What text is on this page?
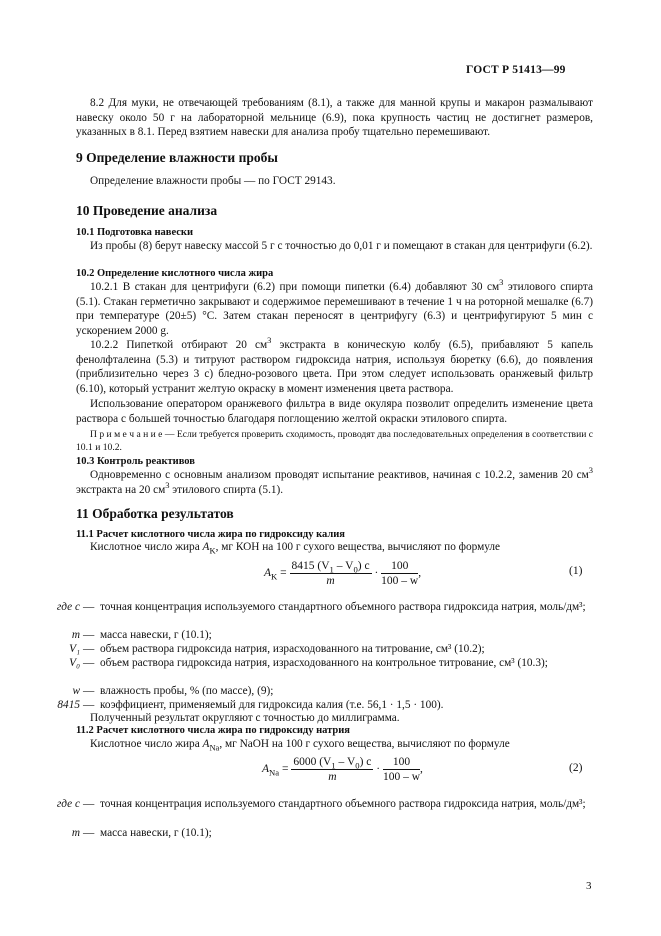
ГОСТ Р 51413—99
8.2 Для муки, не отвечающей требованиям (8.1), а также для манной крупы и макарон размалывают навеску около 50 г на лабораторной мельнице (6.9), пока крупность частиц не достигнет размеров, указанных в 8.1. Перед взятием навески для анализа пробу тщательно перемешивают.
9 Определение влажности пробы
Определение влажности пробы — по ГОСТ 29143.
10 Проведение анализа
10.1 Подготовка навески
Из пробы (8) берут навеску массой 5 г с точностью до 0,01 г и помещают в стакан для центрифуги (6.2).
10.2 Определение кислотного числа жира
10.2.1 В стакан для центрифуги (6.2) при помощи пипетки (6.4) добавляют 30 $см^3$ этилового спирта (5.1). Стакан герметично закрывают и содержимое перемешивают в течение 1 ч на роторной мешалке (6.7) при температуре (20±5) °С. Затем стакан переносят в центрифугу (6.3) и центрифугируют 5 мин с ускорением 2000 g.
10.2.2 Пипеткой отбирают 20 $см^3$ экстракта в коническую колбу (6.5), прибавляют 5 капель фенолфталеина (5.3) и титруют раствором гидроксида натрия, используя бюретку (6.6), до появления (приблизительно через 3 с) бледно-розового цвета. При этом следует использовать оранжевый фильтр (6.10), который устранит желтую окраску в момент изменения цвета раствора.
Использование оператором оранжевого фильтра в виде окуляра позволит определить изменение цвета раствора с большей точностью благодаря поглощению желтой окраски этилового спирта.
П р и м е ч а н и е — Если требуется проверить сходимость, проводят два последовательных определения в соответствии с 10.1 и 10.2.
10.3 Контроль реактивов
Одновременно с основным анализом проводят испытание реактивов, начиная с 10.2.2, заменив 20 $см^3$ экстракта на 20 $см^3$ этилового спирта (5.1).
11 Обработка результатов
11.1 Расчет кислотного числа жира по гидроксиду калия
Кислотное число жира $A_K$, мг КОН на 100 г сухого вещества, вычисляют по формуле
$A_K = \frac{8415 (V_1 - V_0) c}{m} \cdot \frac{100}{100 - w}$ ,	(1)
где c — точная концентрация используемого стандартного объемного раствора гидроксида натрия, моль/дм³;
m — масса навески, г (10.1);
V₁ — объем раствора гидроксида натрия, израсходованного на титрование, см³ (10.2);
V₀ — объем раствора гидроксида натрия, израсходованного на контрольное титрование, см³ (10.3);
w — влажность пробы, % (по массе), (9);
8415 — коэффициент, применяемый для гидроксида калия (т.е. 56,1 · 1,5 · 100).
Полученный результат округляют с точностью до миллиграмма.
11.2 Расчет кислотного числа жира по гидроксиду натрия
Кислотное число жира $A_{Na}$, мг NaOH на 100 г сухого вещества, вычисляют по формуле
$A_{Na} = \frac{6000 (V_1 - V_0) c}{m} \cdot \frac{100}{100 - w}$ ,	(2)
где c — точная концентрация используемого стандартного объемного раствора гидроксида натрия, моль/дм³;
m — масса навески, г (10.1);
3
